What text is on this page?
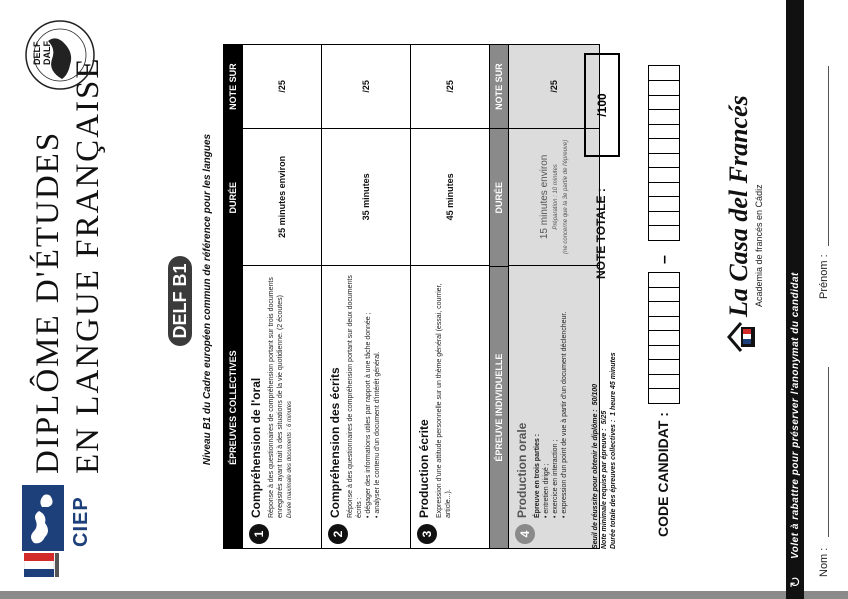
CIEP
DIPLÔME D'ÉTUDES EN LANGUE FRANÇAISE
DELF DALF
DELF B1 Niveau B1 du Cadre européen commun de référence pour les langues	ÉPREUVES COLLECTIVES
DURÉE
NOTE SUR
1
Compréhension de l'oral Réponse à des questionnaires de compréhension portant sur trois documents enregistrés ayant trait à des situations de la vie quotidienne. (2 écoutes) Durée maximale des documents : 6 minutes
25 minutes environ
/25
2
Compréhension des écrits Réponse à des questionnaires de compréhension portant sur deux documents écrits : • dégager des informations utiles par rapport à une tâche donnée ;
• analyser le contenu d'un document d'intérêt général.
35 minutes
/25
3
Production écrite Expression d'une attitude personnelle sur un thème général (essai, courrier, article...).
45 minutes
/25
ÉPREUVE INDIVIDUELLE
DURÉE
NOTE SUR
4
Production orale Épreuve en trois parties : • entretien dirigé ;
• exercice en interaction ;
• expression d'un point de vue à partir d'un document déclencheur.
15 minutes environ Préparation : 10 minutes (ne concerne que la 3e partie de l'épreuve)
/25
Seuil de réussite pour obtenir le diplôme :50/100
Note minimale requise par épreuve :5/25
Durée totale des épreuves collectives :1 heure 45 minutes
NOTE TOTALE :
/100
CODE CANDIDAT :
– La Casa del Francés Academia de francés en Cádiz
Volet à rabattre pour préserver l'anonymat du candidat
↻
Nom :
Prénom :
